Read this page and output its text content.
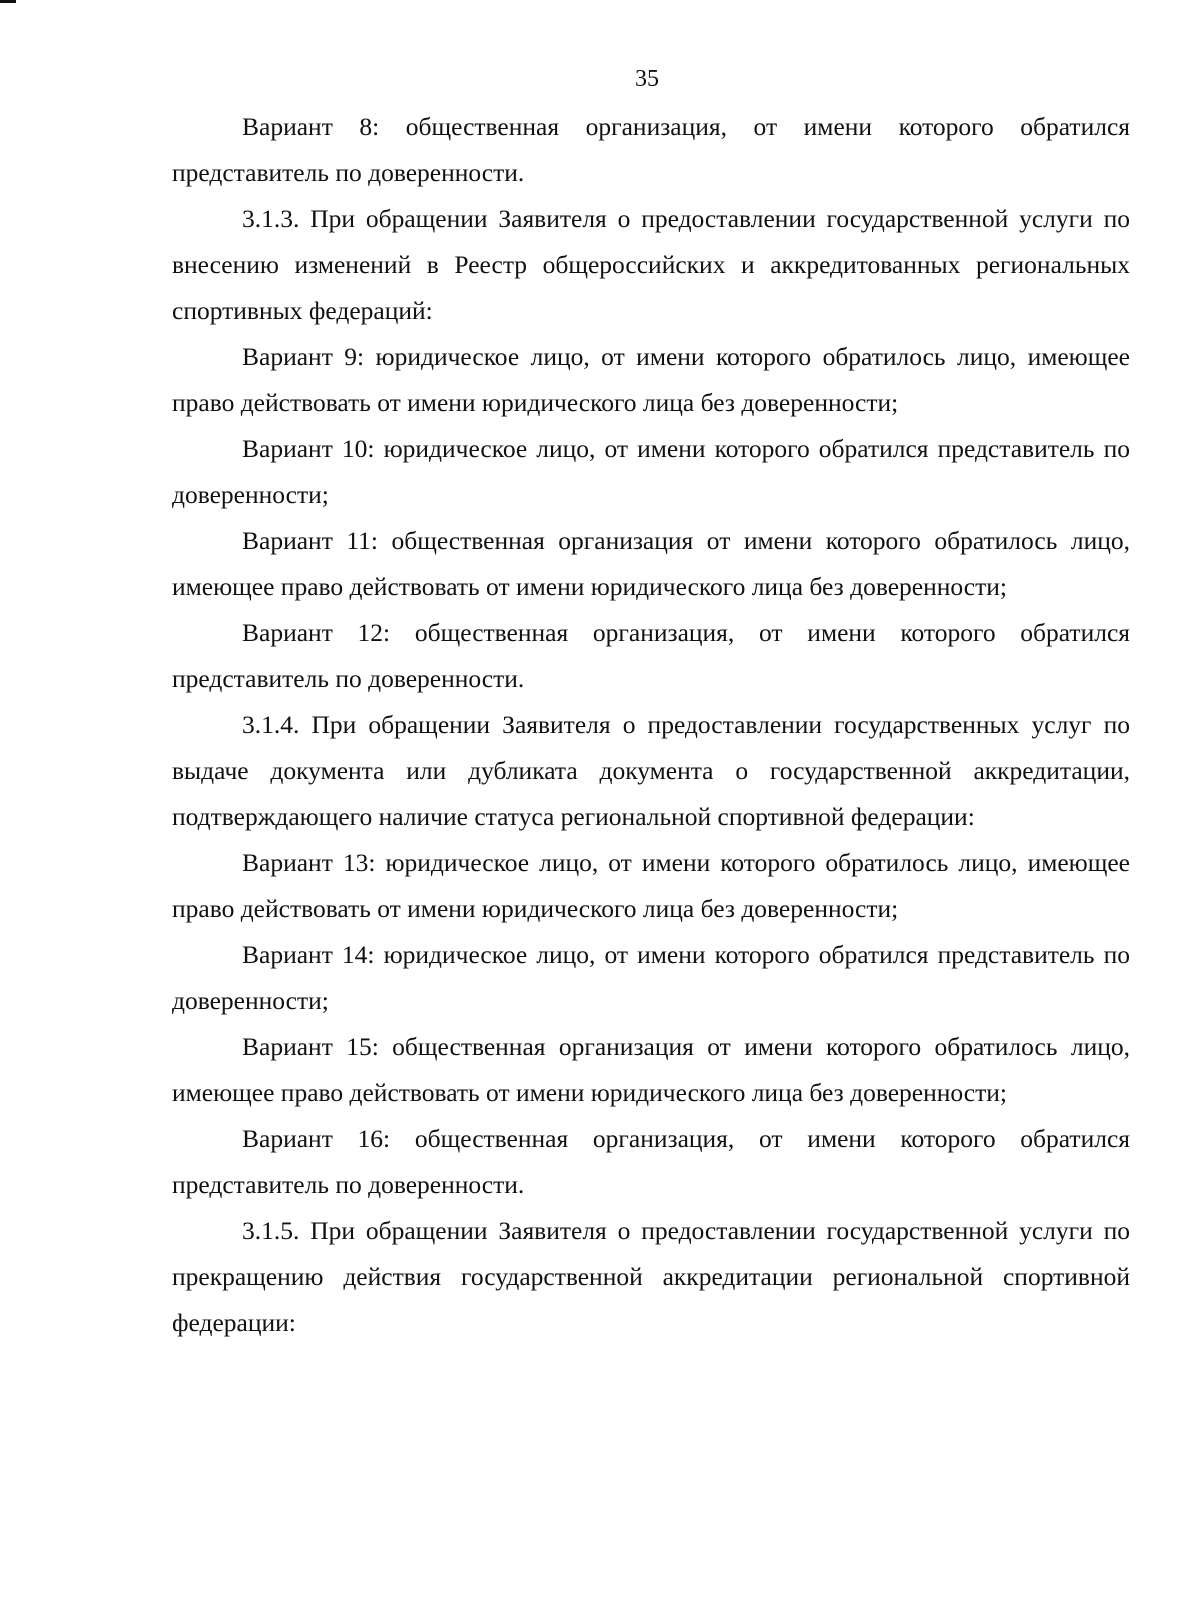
35

Вариант 8: общественная организация, от имени которого обратился представитель по доверенности.

3.1.3. При обращении Заявителя о предоставлении государственной услуги по внесению изменений в Реестр общероссийских и аккредитованных региональных спортивных федераций:

Вариант 9: юридическое лицо, от имени которого обратилось лицо, имеющее право действовать от имени юридического лица без доверенности;

Вариант 10: юридическое лицо, от имени которого обратился представитель по доверенности;

Вариант 11: общественная организация от имени которого обратилось лицо, имеющее право действовать от имени юридического лица без доверенности;

Вариант 12: общественная организация, от имени которого обратился представитель по доверенности.

3.1.4. При обращении Заявителя о предоставлении государственных услуг по выдаче документа или дубликата документа о государственной аккредитации, подтверждающего наличие статуса региональной спортивной федерации:

Вариант 13: юридическое лицо, от имени которого обратилось лицо, имеющее право действовать от имени юридического лица без доверенности;

Вариант 14: юридическое лицо, от имени которого обратился представитель по доверенности;

Вариант 15: общественная организация от имени которого обратилось лицо, имеющее право действовать от имени юридического лица без доверенности;

Вариант 16: общественная организация, от имени которого обратился представитель по доверенности.

3.1.5. При обращении Заявителя о предоставлении государственной услуги по прекращению действия государственной аккредитации региональной спортивной федерации:
